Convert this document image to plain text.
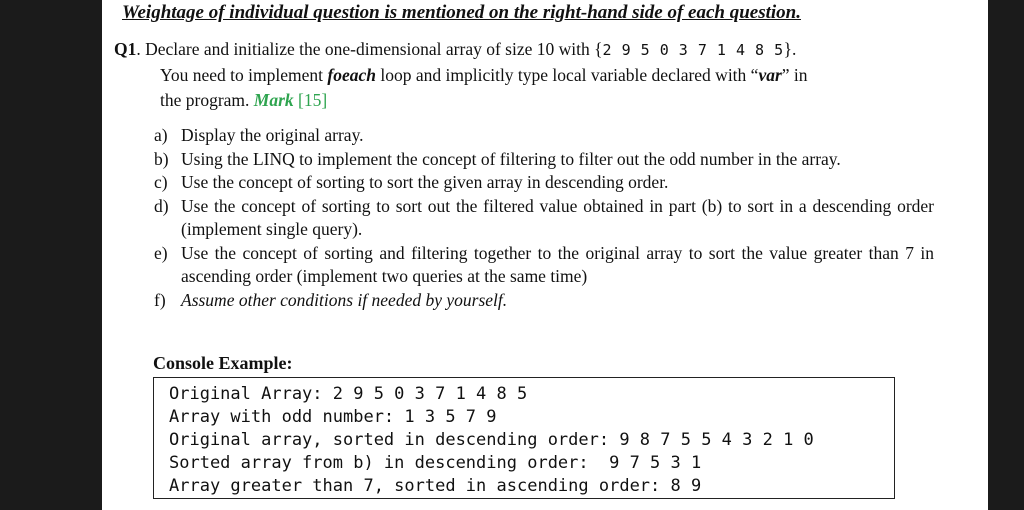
Weightage of individual question is mentioned on the right-hand side of each question.
Q1. Declare and initialize the one-dimensional array of size 10 with {2 9 5 0 3 7 1 4 8 5}.
You need to implement foeach loop and implicitly type local variable declared with “var” in
the program. Mark [15]
a) Display the original array.
b) Using the LINQ to implement the concept of filtering to filter out the odd number in the array.
c) Use the concept of sorting to sort the given array in descending order.
d) Use the concept of sorting to sort out the filtered value obtained in part (b) to sort in a descending order (implement single query).
e) Use the concept of sorting and filtering together to the original array to sort the value greater than 7 in ascending order (implement two queries at the same time)
f) Assume other conditions if needed by yourself.
Console Example:
Original Array: 2 9 5 0 3 7 1 4 8 5
Array with odd number: 1 3 5 7 9
Original array, sorted in descending order: 9 8 7 5 5 4 3 2 1 0
Sorted array from b) in descending order:  9 7 5 3 1
Array greater than 7, sorted in ascending order: 8 9
